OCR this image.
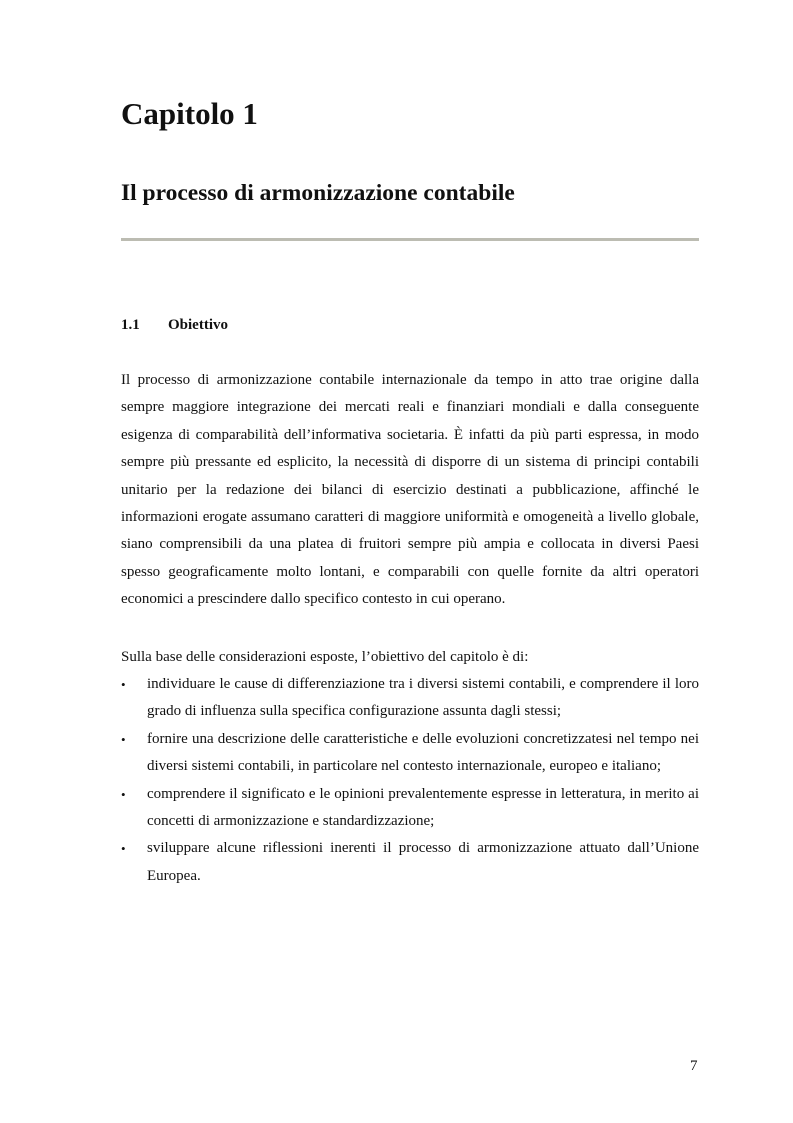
Capitolo 1
Il processo di armonizzazione contabile
1.1 Obiettivo

Il processo di armonizzazione contabile internazionale da tempo in atto trae origine dalla sempre maggiore integrazione dei mercati reali e finanziari mondiali e dalla conseguente esigenza di comparabilità dell’informativa societaria. È infatti da più parti espressa, in modo sempre più pressante ed esplicito, la necessità di disporre di un sistema di principi contabili unitario per la redazione dei bilanci di esercizio destinati a pubblicazione, affinché le informazioni erogate assumano caratteri di maggiore uniformità e omogeneità a livello globale, siano comprensibili da una platea di fruitori sempre più ampia e collocata in diversi Paesi spesso geograficamente molto lontani, e comparabili con quelle fornite da altri operatori economici a prescindere dallo specifico contesto in cui operano.

Sulla base delle considerazioni esposte, l’obiettivo del capitolo è di:

•	individuare le cause di differenziazione tra i diversi sistemi contabili, e comprendere il loro grado di influenza sulla specifica configurazione assunta dagli stessi;
•	fornire una descrizione delle caratteristiche e delle evoluzioni concretizzatesi nel tempo nei diversi sistemi contabili, in particolare nel contesto internazionale, europeo e italiano;
•	comprendere il significato e le opinioni prevalentemente espresse in letteratura, in merito ai concetti di armonizzazione e standardizzazione;
•	sviluppare alcune riflessioni inerenti il processo di armonizzazione attuato dall’Unione Europea.
7
